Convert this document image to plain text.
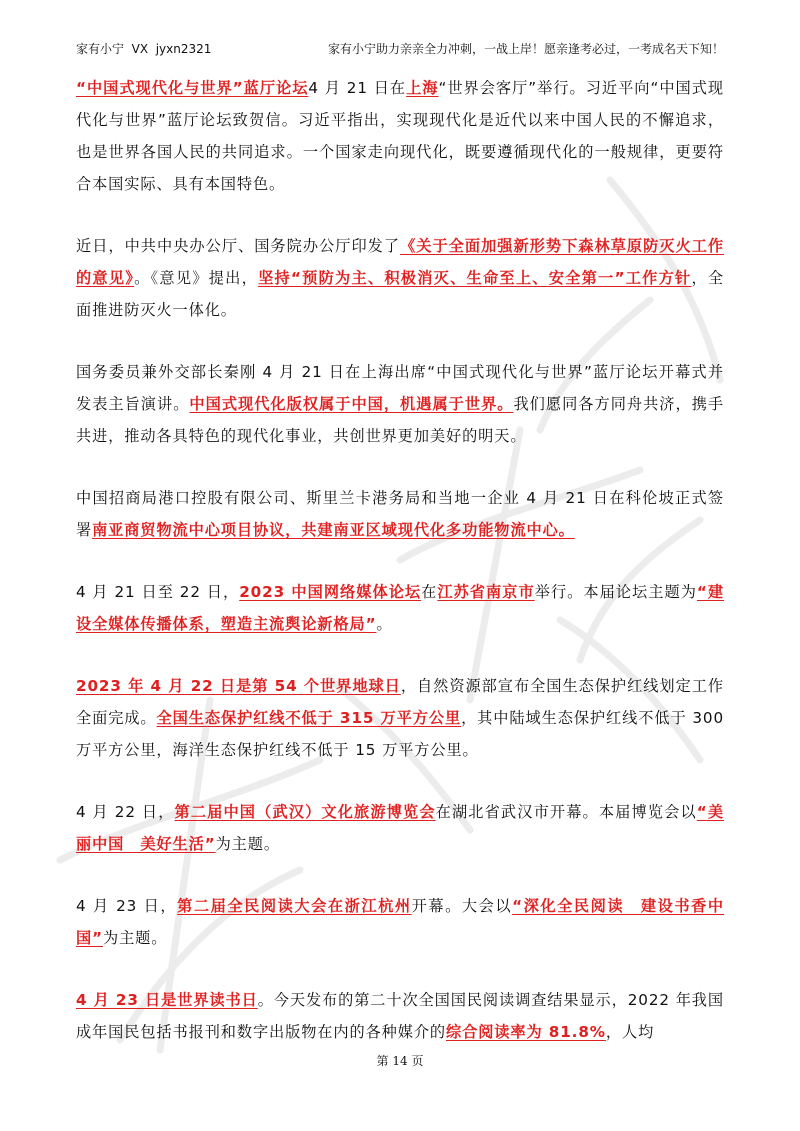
家有小宁  VX  jyxn2321	家有小宁助力亲亲全力冲刺，一战上岸！愿亲逢考必过，一考成名天下知！

“中国式现代化与世界”蓝厅论坛4 月 21 日在上海“世界会客厅”举行。习近平向“中国式现代化与世界”蓝厅论坛致贺信。习近平指出，实现现代化是近代以来中国人民的不懈追求，也是世界各国人民的共同追求。一个国家走向现代化，既要遵循现代化的一般规律，更要符合本国实际、具有本国特色。

近日，中共中央办公厅、国务院办公厅印发了《关于全面加强新形势下森林草原防灭火工作的意见》。《意见》提出，坚持“预防为主、积极消灭、生命至上、安全第一”工作方针，全面推进防灭火一体化。

国务委员兼外交部长秦刚 4 月 21 日在上海出席“中国式现代化与世界”蓝厅论坛开幕式并发表主旨演讲。中国式现代化版权属于中国，机遇属于世界。我们愿同各方同舟共济，携手共进，推动各具特色的现代化事业，共创世界更加美好的明天。

中国招商局港口控股有限公司、斯里兰卡港务局和当地一企业 4 月 21 日在科伦坡正式签署南亚商贸物流中心项目协议，共建南亚区域现代化多功能物流中心。

4 月 21 日至 22 日，2023 中国网络媒体论坛在江苏省南京市举行。本届论坛主题为“建设全媒体传播体系，塑造主流舆论新格局”。

2023 年 4 月 22 日是第 54 个世界地球日，自然资源部宣布全国生态保护红线划定工作全面完成。全国生态保护红线不低于 315 万平方公里，其中陆域生态保护红线不低于 300 万平方公里，海洋生态保护红线不低于 15 万平方公里。

4 月 22 日，第二届中国（武汉）文化旅游博览会在湖北省武汉市开幕。本届博览会以“美丽中国　美好生活”为主题。

4 月 23 日，第二届全民阅读大会在浙江杭州开幕。大会以“深化全民阅读　建设书香中国”为主题。

4 月 23 日是世界读书日。今天发布的第二十次全国国民阅读调查结果显示，2022 年我国成年国民包括书报刊和数字出版物在内的各种媒介的综合阅读率为 81.8%，人均

第 14 页
